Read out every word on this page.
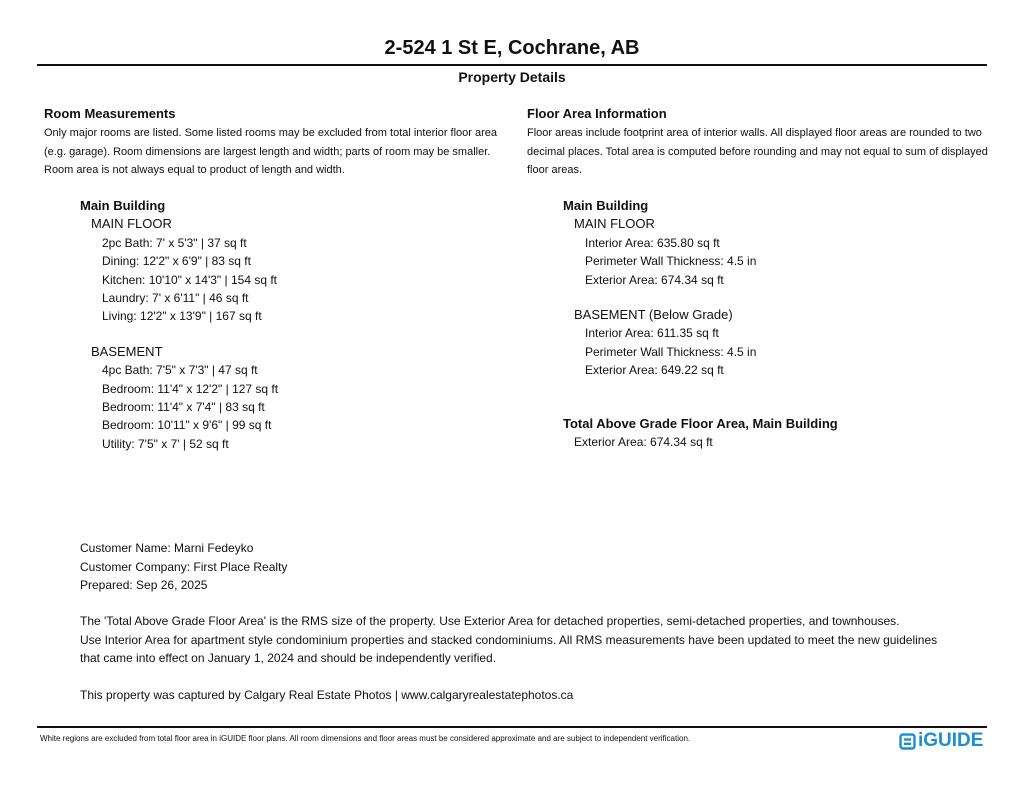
2-524 1 St E, Cochrane, AB
Property Details
Room Measurements
Only major rooms are listed. Some listed rooms may be excluded from total interior floor area
(e.g. garage). Room dimensions are largest length and width; parts of room may be smaller.
Room area is not always equal to product of length and width.
Main Building
MAIN FLOOR
2pc Bath: 7' x 5'3" | 37 sq ft
Dining: 12'2" x 6'9" | 83 sq ft
Kitchen: 10'10" x 14'3" | 154 sq ft
Laundry: 7' x 6'11" | 46 sq ft
Living: 12'2" x 13'9" | 167 sq ft
BASEMENT
4pc Bath: 7'5" x 7'3" | 47 sq ft
Bedroom: 11'4" x 12'2" | 127 sq ft
Bedroom: 11'4" x 7'4" | 83 sq ft
Bedroom: 10'11" x 9'6" | 99 sq ft
Utility: 7'5" x 7' | 52 sq ft
Floor Area Information
Floor areas include footprint area of interior walls. All displayed floor areas are rounded to two
decimal places. Total area is computed before rounding and may not equal to sum of displayed
floor areas.
Main Building
MAIN FLOOR
Interior Area: 635.80 sq ft
Perimeter Wall Thickness: 4.5 in
Exterior Area: 674.34 sq ft
BASEMENT (Below Grade)
Interior Area: 611.35 sq ft
Perimeter Wall Thickness: 4.5 in
Exterior Area: 649.22 sq ft
Total Above Grade Floor Area, Main Building
Exterior Area: 674.34 sq ft
Customer Name: Marni Fedeyko
Customer Company: First Place Realty
Prepared: Sep 26, 2025
The 'Total Above Grade Floor Area' is the RMS size of the property. Use Exterior Area for detached properties, semi-detached properties, and townhouses.
Use Interior Area for apartment style condominium properties and stacked condominiums. All RMS measurements have been updated to meet the new guidelines
that came into effect on January 1, 2024 and should be independently verified.
This property was captured by Calgary Real Estate Photos | www.calgaryrealestatephotos.ca
White regions are excluded from total floor area in iGUIDE floor plans. All room dimensions and floor areas must be considered approximate and are subject to independent verification.	iGUIDE
